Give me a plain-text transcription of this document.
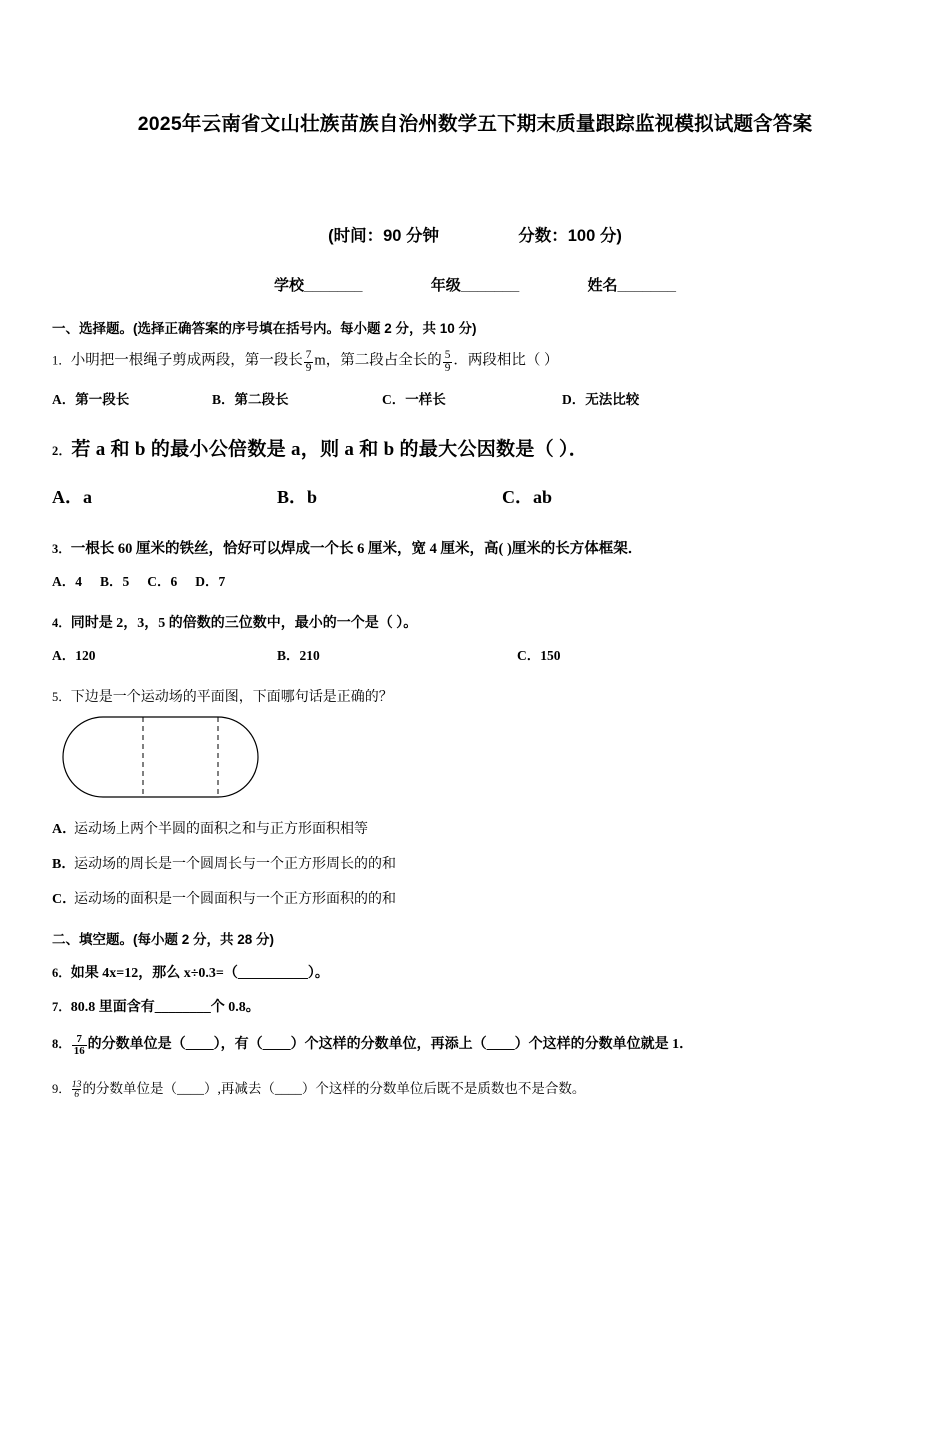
2025年云南省文山壮族苗族自治州数学五下期末质量跟踪监视模拟试题含答案
(时间：90 分钟	分数：100 分)
学校_______	年级_______	姓名_______
一、选择题。(选择正确答案的序号填在括号内。每小题 2 分，共 10 分)
1．小明把一根绳子剪成两段，第一段长 $\frac{7}{9}$ m，第二段占全长的 $\frac{5}{9}$ ．两段相比（ ）
A．第一段长	B．第二段长	C．一样长	D．无法比较
2．若 a 和 b 的最小公倍数是 a，则 a 和 b 的最大公因数是（ ）．
A．a	B．b	C．ab
3．一根长 60 厘米的铁丝，恰好可以焊成一个长 6 厘米，宽 4 厘米，高( )厘米的长方体框架．
A．4 B．5 C．6 D．7
4．同时是 2，3，5 的倍数的三位数中，最小的一个是（ ）。
A．120	B．210	C．150
5．下边是一个运动场的平面图，下面哪句话是正确的？
A．运动场上两个半圆的面积之和与正方形面积相等
B．运动场的周长是一个圆周长与一个正方形周长的的和
C．运动场的面积是一个圆面积与一个正方形面积的的和
二、填空题。(每小题 2 分，共 28 分)
6．如果 4x=12，那么 x÷0.3=（__________）。
7．80.8 里面含有________个 0.8。
8． $\frac{7}{16}$ 的分数单位是（____），有（____）个这样的分数单位，再添上（____）个这样的分数单位就是 1．
9． $\frac{13}{6}$ 的分数单位是（____）,再减去（____）个这样的分数单位后既不是质数也不是合数。
